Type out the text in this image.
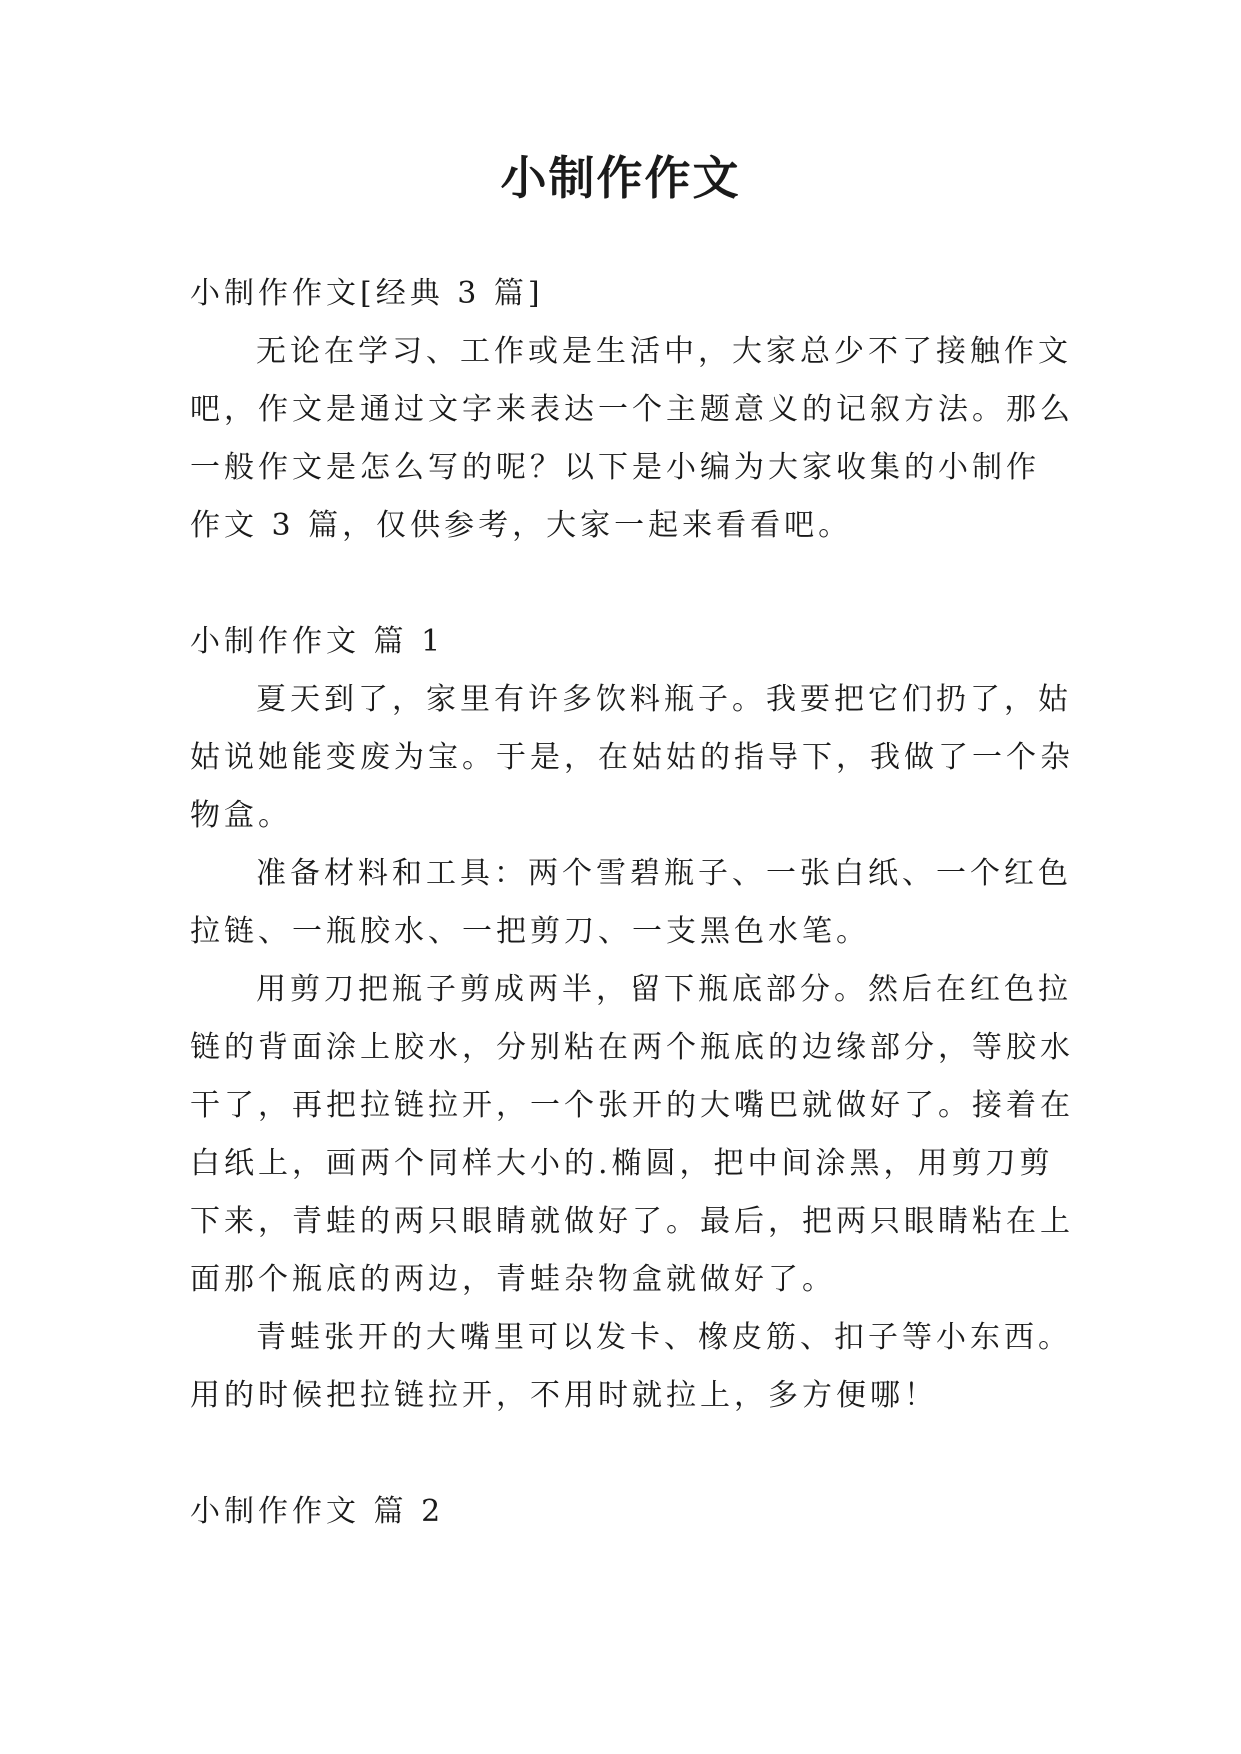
小制作作文

小制作作文[经典 3 篇]

无论在学习、工作或是生活中，大家总少不了接触作文

吧，作文是通过文字来表达一个主题意义的记叙方法。那么

一般作文是怎么写的呢？以下是小编为大家收集的小制作

作文 3 篇，仅供参考，大家一起来看看吧。

小制作作文 篇 1

夏天到了，家里有许多饮料瓶子。我要把它们扔了，姑

姑说她能变废为宝。于是，在姑姑的指导下，我做了一个杂

物盒。

准备材料和工具：两个雪碧瓶子、一张白纸、一个红色

拉链、一瓶胶水、一把剪刀、一支黑色水笔。

用剪刀把瓶子剪成两半，留下瓶底部分。然后在红色拉

链的背面涂上胶水，分别粘在两个瓶底的边缘部分，等胶水

干了，再把拉链拉开，一个张开的大嘴巴就做好了。接着在

白纸上，画两个同样大小的.椭圆，把中间涂黑，用剪刀剪

下来，青蛙的两只眼睛就做好了。最后，把两只眼睛粘在上

面那个瓶底的两边，青蛙杂物盒就做好了。

青蛙张开的大嘴里可以发卡、橡皮筋、扣子等小东西。

用的时候把拉链拉开，不用时就拉上，多方便哪！

小制作作文 篇 2
